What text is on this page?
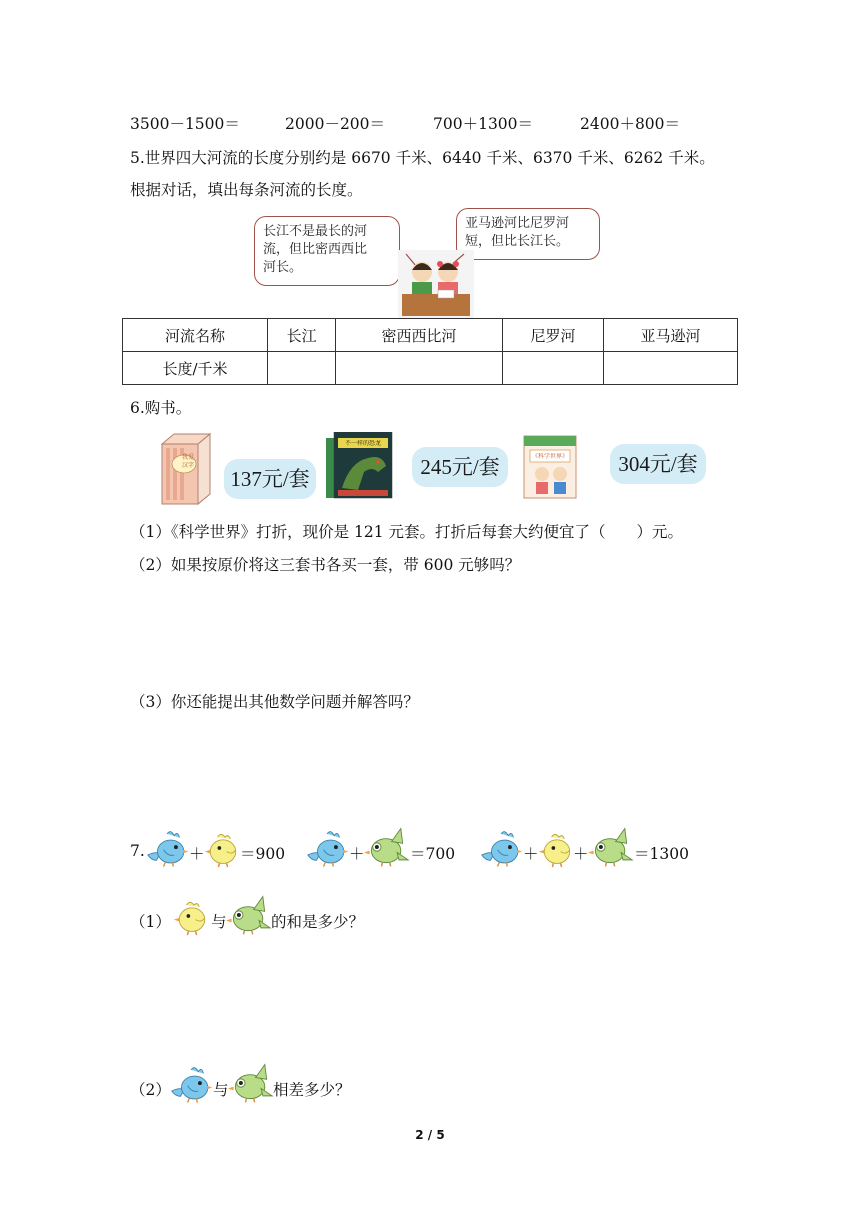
3500－1500＝	2000－200＝	700＋1300＝	2400＋800＝
5.世界四大河流的长度分别约是 6670 千米、6440 千米、6370 千米、6262 千米。
根据对话，填出每条河流的长度。
长江不是最长的河
流，但比密西西比
河长。
亚马逊河比尼罗河
短，但比长江长。
河流名称	长江	密西西比河	尼罗河	亚马逊河
长度/千米				
6.购书。
我爱
汉字
137元/套
不一样的恐龙
245元/套	《科学世界》	304元/套
（1）《科学世界》打折，现价是 121 元套。打折后每套大约便宜了（　　）元。
（2）如果按原价将这三套书各买一套，带 600 元够吗？
（3）你还能提出其他数学问题并解答吗？
7.	＋ ＝900	＋	＝700	＋ ＋	＝1300
（1）	与	的和是多少？
（2）	与	相差多少？
2 / 5
